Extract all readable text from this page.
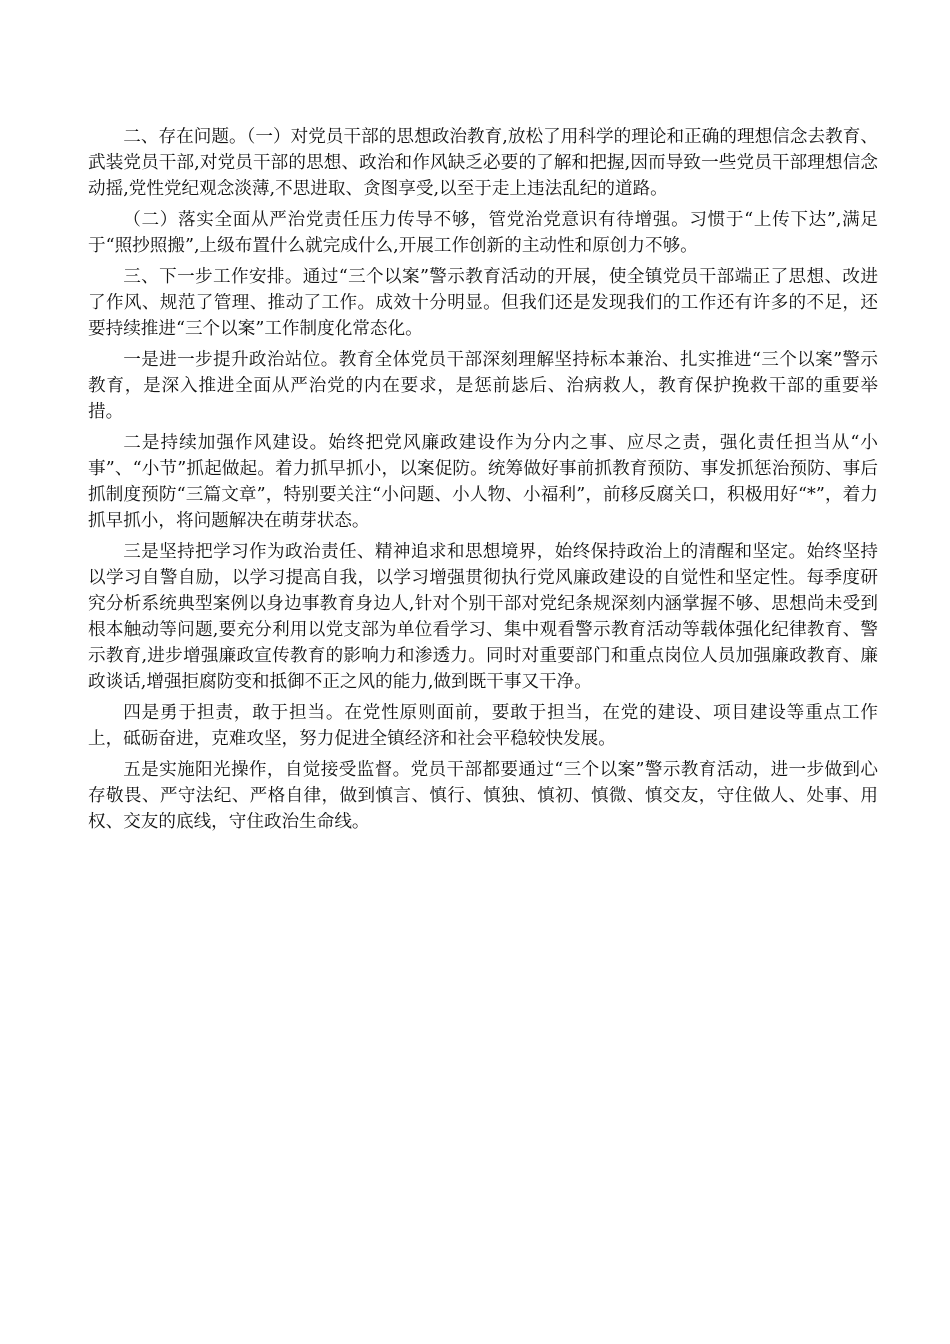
二、存在问题。（一）对党员干部的思想政治教育,放松了用科学的理论和正确的理想信念去教育、武装党员干部,对党员干部的思想、政治和作风缺乏必要的了解和把握,因而导致一些党员干部理想信念动摇,党性党纪观念淡薄,不思进取、贪图享受,以至于走上违法乱纪的道路。

（二）落实全面从严治党责任压力传导不够，管党治党意识有待增强。习惯于“上传下达”,满足于“照抄照搬”,上级布置什么就完成什么,开展工作创新的主动性和原创力不够。

三、下一步工作安排。通过“三个以案”警示教育活动的开展，使全镇党员干部端正了思想、改进了作风、规范了管理、推动了工作。成效十分明显。但我们还是发现我们的工作还有许多的不足，还要持续推进“三个以案”工作制度化常态化。

一是进一步提升政治站位。教育全体党员干部深刻理解坚持标本兼治、扎实推进“三个以案”警示教育，是深入推进全面从严治党的内在要求，是惩前毖后、治病救人，教育保护挽救干部的重要举措。

二是持续加强作风建设。始终把党风廉政建设作为分内之事、应尽之责，强化责任担当从“小事”、“小节”抓起做起。着力抓早抓小，以案促防。统筹做好事前抓教育预防、事发抓惩治预防、事后抓制度预防“三篇文章”，特别要关注“小问题、小人物、小福利”，前移反腐关口，积极用好“*”，着力抓早抓小，将问题解决在萌芽状态。

三是坚持把学习作为政治责任、精神追求和思想境界，始终保持政治上的清醒和坚定。始终坚持以学习自警自励，以学习提高自我，以学习增强贯彻执行党风廉政建设的自觉性和坚定性。每季度研究分析系统典型案例以身边事教育身边人,针对个别干部对党纪条规深刻内涵掌握不够、思想尚未受到根本触动等问题,要充分利用以党支部为单位看学习、集中观看警示教育活动等载体强化纪律教育、警示教育,进步增强廉政宣传教育的影响力和渗透力。同时对重要部门和重点岗位人员加强廉政教育、廉政谈话,增强拒腐防变和抵御不正之风的能力,做到既干事又干净。

四是勇于担责，敢于担当。在党性原则面前，要敢于担当，在党的建设、项目建设等重点工作上，砥砺奋进，克难攻坚，努力促进全镇经济和社会平稳较快发展。

五是实施阳光操作，自觉接受监督。党员干部都要通过“三个以案”警示教育活动，进一步做到心存敬畏、严守法纪、严格自律，做到慎言、慎行、慎独、慎初、慎微、慎交友，守住做人、处事、用权、交友的底线，守住政治生命线。
